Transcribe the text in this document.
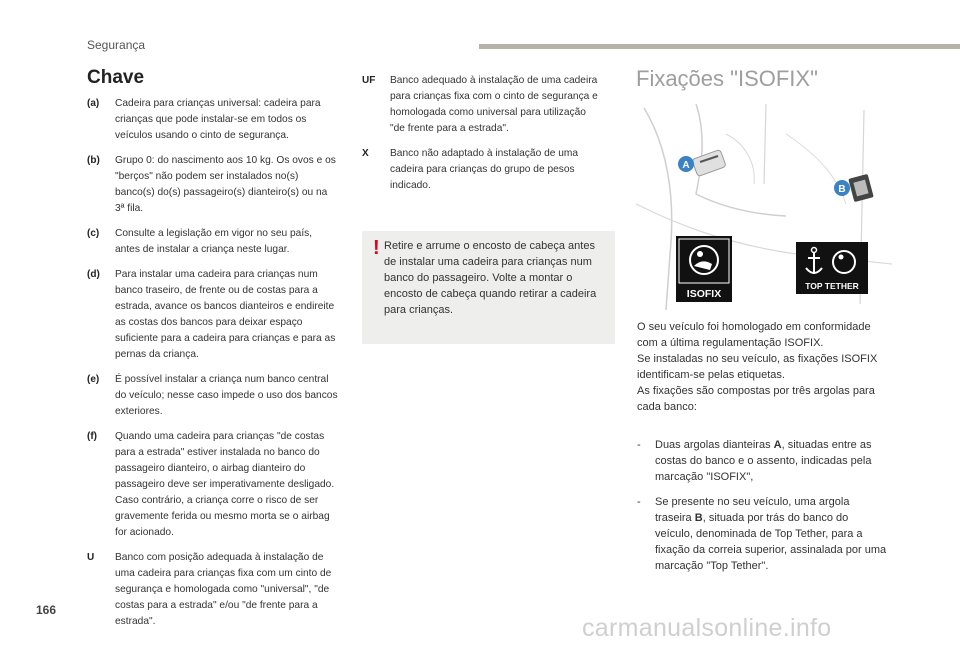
Segurança
Chave
(a) Cadeira para crianças universal: cadeira para crianças que pode instalar-se em todos os veículos usando o cinto de segurança.
(b) Grupo 0: do nascimento aos 10 kg. Os ovos e os "berços" não podem ser instalados no(s) banco(s) do(s) passageiro(s) dianteiro(s) ou na 3ª fila.
(c) Consulte a legislação em vigor no seu país, antes de instalar a criança neste lugar.
(d) Para instalar uma cadeira para crianças num banco traseiro, de frente ou de costas para a estrada, avance os bancos dianteiros e endireite as costas dos bancos para deixar espaço suficiente para a cadeira para crianças e para as pernas da criança.
(e) É possível instalar a criança num banco central do veículo; nesse caso impede o uso dos bancos exteriores.
(f) Quando uma cadeira para crianças "de costas para a estrada" estiver instalada no banco do passageiro dianteiro, o airbag dianteiro do passageiro deve ser imperativamente desligado. Caso contrário, a criança corre o risco de ser gravemente ferida ou mesmo morta se o airbag for acionado.
U Banco com posição adequada à instalação de uma cadeira para crianças fixa com um cinto de segurança e homologada como "universal", "de costas para a estrada" e/ou "de frente para a estrada".
UF Banco adequado à instalação de uma cadeira para crianças fixa com o cinto de segurança e homologada como universal para utilização "de frente para a estrada".
X Banco não adaptado à instalação de uma cadeira para crianças do grupo de pesos indicado.
! Retire e arrume o encosto de cabeça antes de instalar uma cadeira para crianças num banco do passageiro. Volte a montar o encosto de cabeça quando retirar a cadeira para crianças.
Fixações "ISOFIX"
A
B
ISOFIX
TOP TETHER
O seu veículo foi homologado em conformidade com a última regulamentação ISOFIX.
Se instaladas no seu veículo, as fixações ISOFIX identificam-se pelas etiquetas.
As fixações são compostas por três argolas para cada banco:
- Duas argolas dianteiras A, situadas entre as costas do banco e o assento, indicadas pela marcação "ISOFIX",
- Se presente no seu veículo, uma argola traseira B, situada por trás do banco do veículo, denominada de Top Tether, para a fixação da correia superior, assinalada por uma marcação "Top Tether".
166
carmanualsonline.info
